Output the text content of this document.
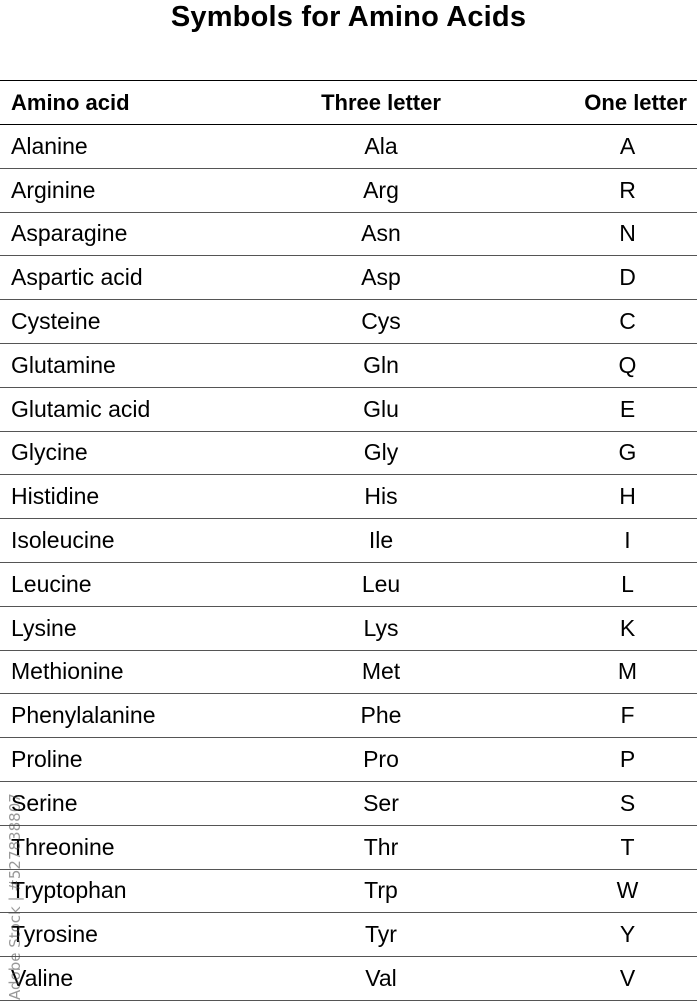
Symbols for Amino Acids
Amino acid	Three letter	One letter
Alanine	Ala	A
Arginine	Arg	R
Asparagine	Asn	N
Aspartic acid	Asp	D
Cysteine	Cys	C
Glutamine	Gln	Q
Glutamic acid	Glu	E
Glycine	Gly	G
Histidine	His	H
Isoleucine	Ile	I
Leucine	Leu	L
Lysine	Lys	K
Methionine	Met	M
Phenylalanine	Phe	F
Proline	Pro	P
Serine	Ser	S
Threonine	Thr	T
Tryptophan	Trp	W
Tyrosine	Tyr	Y
Valine	Val	V
Adobe Stock | #527838807
